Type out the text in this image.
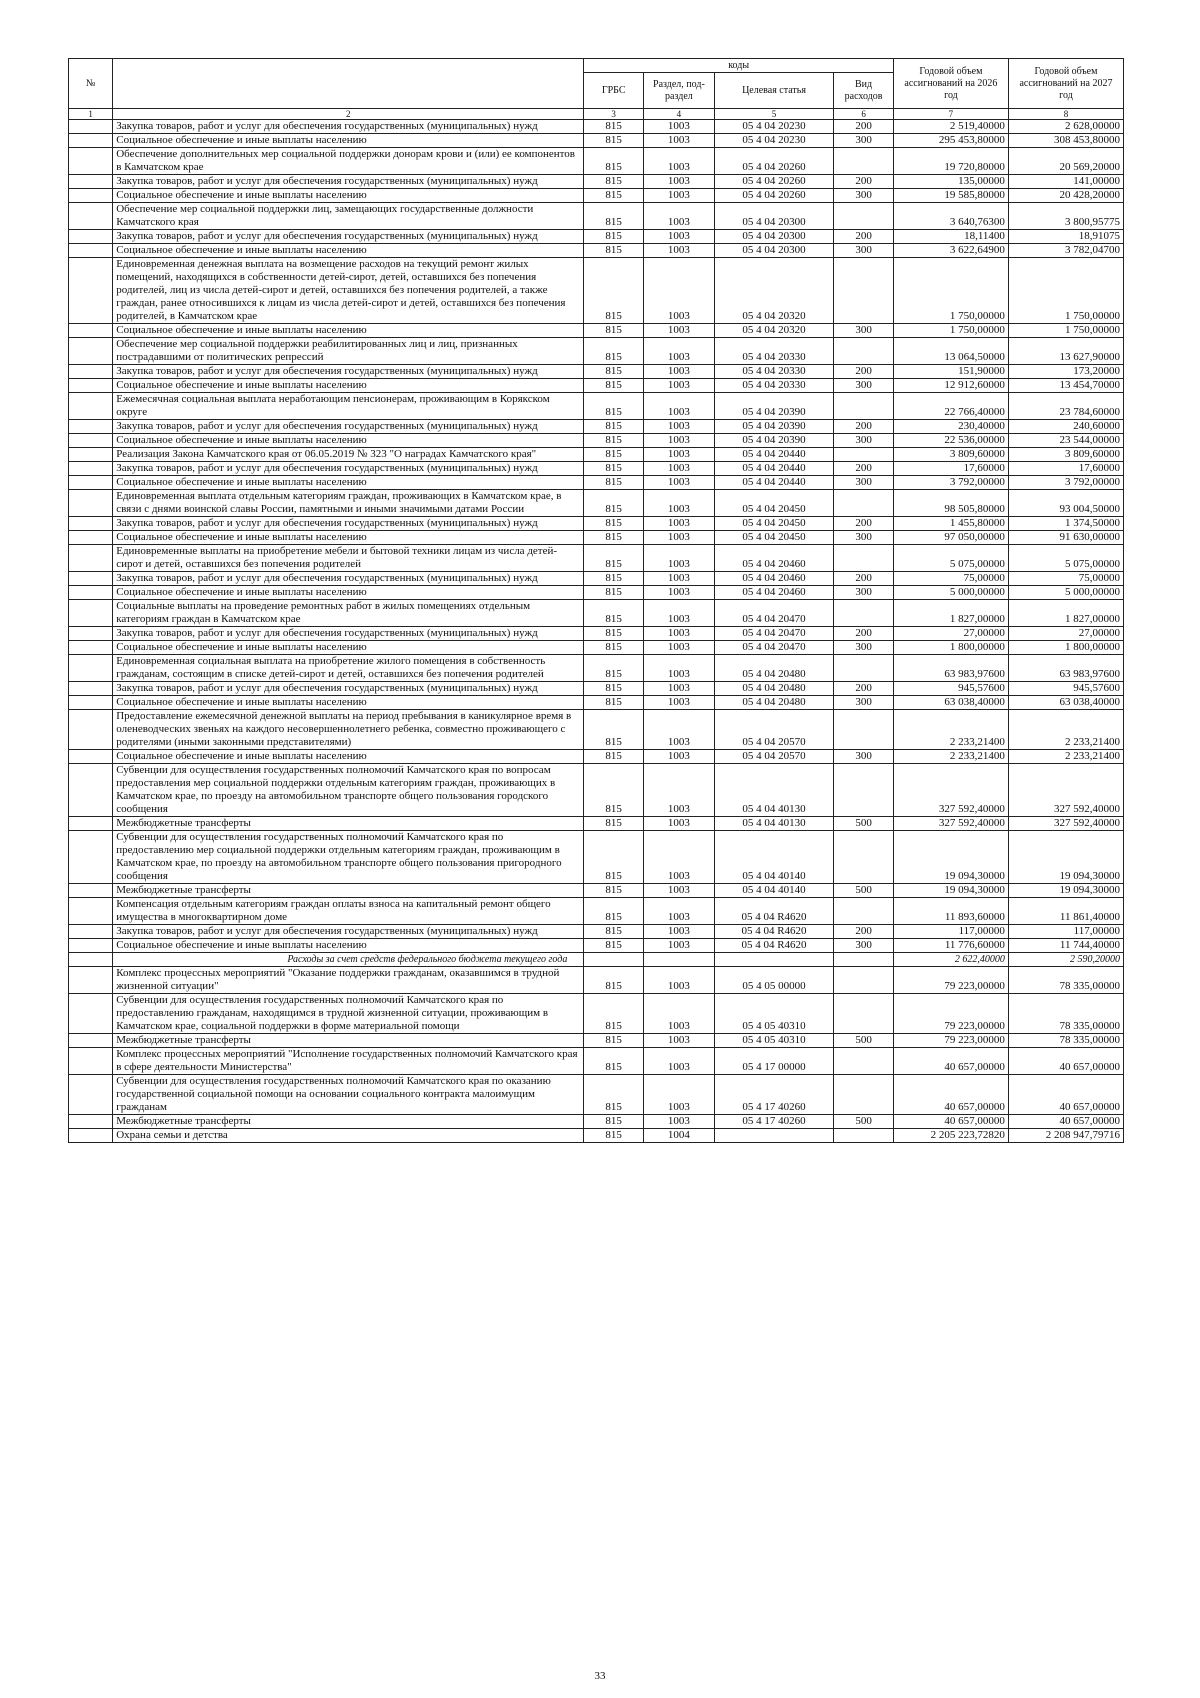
№		коды				Годовой объем ассигнований на 2026 год	Годовой объем ассигнований на 2027 год
		ГРБС	Раздел, под-раздел	Целевая статья	Вид расходов		
1	2	3	4	5	6	7	8
	Закупка товаров, работ и услуг для обеспечения государственных (муниципальных) нужд	815	1003	05 4 04 20230	200	2 519,40000	2 628,00000
	Социальное обеспечение и иные выплаты населению	815	1003	05 4 04 20230	300	295 453,80000	308 453,80000
	Обеспечение дополнительных мер социальной поддержки донорам крови и (или) ее компонентов в Камчатском крае	815	1003	05 4 04 20260		19 720,80000	20 569,20000
	Закупка товаров, работ и услуг для обеспечения государственных (муниципальных) нужд	815	1003	05 4 04 20260	200	135,00000	141,00000
	Социальное обеспечение и иные выплаты населению	815	1003	05 4 04 20260	300	19 585,80000	20 428,20000
	Обеспечение мер социальной поддержки лиц, замещающих государственные должности Камчатского края	815	1003	05 4 04 20300		3 640,76300	3 800,95775
	Закупка товаров, работ и услуг для обеспечения государственных (муниципальных) нужд	815	1003	05 4 04 20300	200	18,11400	18,91075
	Социальное обеспечение и иные выплаты населению	815	1003	05 4 04 20300	300	3 622,64900	3 782,04700
	Единовременная денежная выплата на возмещение расходов на текущий ремонт жилых помещений, находящихся в собственности детей-сирот, детей, оставшихся без попечения родителей, лиц из числа детей-сирот и детей, оставшихся без попечения родителей, а также граждан, ранее относившихся к лицам из числа детей-сирот и детей, оставшихся без попечения родителей, в Камчатском крае	815	1003	05 4 04 20320		1 750,00000	1 750,00000
	Социальное обеспечение и иные выплаты населению	815	1003	05 4 04 20320	300	1 750,00000	1 750,00000
	Обеспечение мер социальной поддержки реабилитированных лиц и лиц, признанных пострадавшими от политических репрессий	815	1003	05 4 04 20330		13 064,50000	13 627,90000
	Закупка товаров, работ и услуг для обеспечения государственных (муниципальных) нужд	815	1003	05 4 04 20330	200	151,90000	173,20000
	Социальное обеспечение и иные выплаты населению	815	1003	05 4 04 20330	300	12 912,60000	13 454,70000
	Ежемесячная социальная выплата неработающим пенсионерам, проживающим в Корякском округе	815	1003	05 4 04 20390		22 766,40000	23 784,60000
	Закупка товаров, работ и услуг для обеспечения государственных (муниципальных) нужд	815	1003	05 4 04 20390	200	230,40000	240,60000
	Социальное обеспечение и иные выплаты населению	815	1003	05 4 04 20390	300	22 536,00000	23 544,00000
	Реализация Закона Камчатского края от 06.05.2019 № 323 "О наградах Камчатского края"	815	1003	05 4 04 20440		3 809,60000	3 809,60000
	Закупка товаров, работ и услуг для обеспечения государственных (муниципальных) нужд	815	1003	05 4 04 20440	200	17,60000	17,60000
	Социальное обеспечение и иные выплаты населению	815	1003	05 4 04 20440	300	3 792,00000	3 792,00000
	Единовременная выплата отдельным категориям граждан, проживающих в Камчатском крае, в связи с днями воинской славы России, памятными и иными значимыми датами России	815	1003	05 4 04 20450		98 505,80000	93 004,50000
	Закупка товаров, работ и услуг для обеспечения государственных (муниципальных) нужд	815	1003	05 4 04 20450	200	1 455,80000	1 374,50000
	Социальное обеспечение и иные выплаты населению	815	1003	05 4 04 20450	300	97 050,00000	91 630,00000
	Единовременные выплаты на приобретение мебели и бытовой техники лицам из числа детей-сирот и детей, оставшихся без попечения родителей	815	1003	05 4 04 20460		5 075,00000	5 075,00000
	Закупка товаров, работ и услуг для обеспечения государственных (муниципальных) нужд	815	1003	05 4 04 20460	200	75,00000	75,00000
	Социальное обеспечение и иные выплаты населению	815	1003	05 4 04 20460	300	5 000,00000	5 000,00000
	Социальные выплаты на проведение ремонтных работ в жилых помещениях отдельным категориям граждан в Камчатском крае	815	1003	05 4 04 20470		1 827,00000	1 827,00000
	Закупка товаров, работ и услуг для обеспечения государственных (муниципальных) нужд	815	1003	05 4 04 20470	200	27,00000	27,00000
	Социальное обеспечение и иные выплаты населению	815	1003	05 4 04 20470	300	1 800,00000	1 800,00000
	Единовременная социальная выплата на приобретение жилого помещения в собственность гражданам, состоящим в списке детей-сирот и детей, оставшихся без попечения родителей	815	1003	05 4 04 20480		63 983,97600	63 983,97600
	Закупка товаров, работ и услуг для обеспечения государственных (муниципальных) нужд	815	1003	05 4 04 20480	200	945,57600	945,57600
	Социальное обеспечение и иные выплаты населению	815	1003	05 4 04 20480	300	63 038,40000	63 038,40000
	Предоставление ежемесячной денежной выплаты на период пребывания в каникулярное время в оленеводческих звеньях на каждого несовершеннолетнего ребенка, совместно проживающего с родителями (иными законными представителями)	815	1003	05 4 04 20570		2 233,21400	2 233,21400
	Социальное обеспечение и иные выплаты населению	815	1003	05 4 04 20570	300	2 233,21400	2 233,21400
	Субвенции для осуществления государственных полномочий Камчатского края по вопросам предоставления мер социальной поддержки отдельным категориям граждан, проживающих в Камчатском крае, по проезду на автомобильном транспорте общего пользования городского сообщения	815	1003	05 4 04 40130		327 592,40000	327 592,40000
	Межбюджетные трансферты	815	1003	05 4 04 40130	500	327 592,40000	327 592,40000
	Субвенции для осуществления государственных полномочий Камчатского края по предоставлению мер социальной поддержки отдельным категориям граждан, проживающим в Камчатском крае, по проезду на автомобильном транспорте общего пользования пригородного сообщения	815	1003	05 4 04 40140		19 094,30000	19 094,30000
	Межбюджетные трансферты	815	1003	05 4 04 40140	500	19 094,30000	19 094,30000
	Компенсация отдельным категориям граждан оплаты взноса на капитальный ремонт общего имущества в многоквартирном доме	815	1003	05 4 04 R4620		11 893,60000	11 861,40000
	Закупка товаров, работ и услуг для обеспечения государственных (муниципальных) нужд	815	1003	05 4 04 R4620	200	117,00000	117,00000
	Социальное обеспечение и иные выплаты населению	815	1003	05 4 04 R4620	300	11 776,60000	11 744,40000
	Расходы за счет средств федерального бюджета текущего года					2 622,40000	2 590,20000
	Комплекс процессных мероприятий "Оказание поддержки гражданам, оказавшимся в трудной жизненной ситуации"	815	1003	05 4 05 00000		79 223,00000	78 335,00000
	Субвенции для осуществления государственных полномочий Камчатского края по предоставлению гражданам, находящимся в трудной жизненной ситуации, проживающим в Камчатском крае, социальной поддержки в форме материальной помощи	815	1003	05 4 05 40310		79 223,00000	78 335,00000
	Межбюджетные трансферты	815	1003	05 4 05 40310	500	79 223,00000	78 335,00000
	Комплекс процессных мероприятий "Исполнение государственных полномочий Камчатского края в сфере деятельности Министерства"	815	1003	05 4 17 00000		40 657,00000	40 657,00000
	Субвенции для осуществления государственных полномочий Камчатского края по оказанию государственной социальной помощи на основании социального контракта малоимущим гражданам	815	1003	05 4 17 40260		40 657,00000	40 657,00000
	Межбюджетные трансферты	815	1003	05 4 17 40260	500	40 657,00000	40 657,00000
	Охрана семьи и детства	815	1004			2 205 223,72820	2 208 947,79716
33
